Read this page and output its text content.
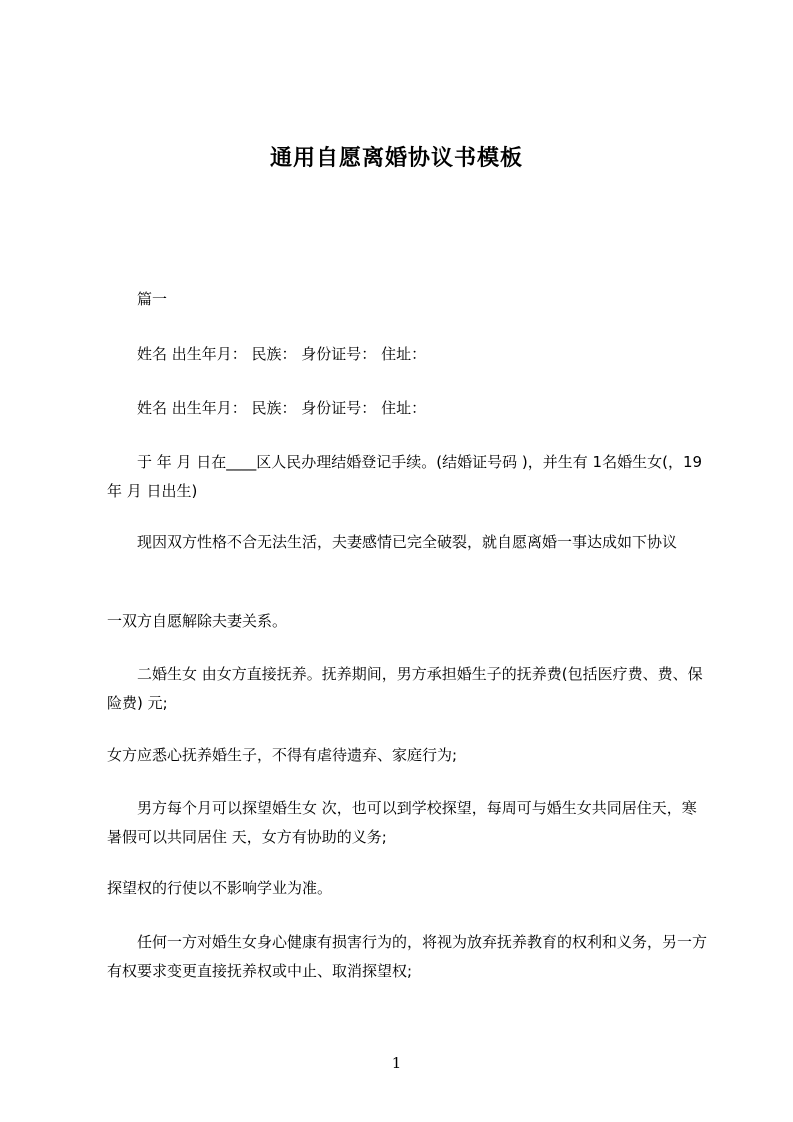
通用自愿离婚协议书模板

篇一

姓名 出生年月： 民族： 身份证号： 住址：

姓名 出生年月： 民族： 身份证号： 住址：

于 年 月 日在____区人民办理结婚登记手续。(结婚证号码 )，并生有 1名婚生女(，19 年 月 日出生)

现因双方性格不合无法生活，夫妻感情已完全破裂，就自愿离婚一事达成如下协议

一双方自愿解除夫妻关系。

二婚生女 由女方直接抚养。抚养期间，男方承担婚生子的抚养费(包括医疗费、费、保险费) 元;

女方应悉心抚养婚生子，不得有虐待遗弃、家庭行为;

男方每个月可以探望婚生女 次，也可以到学校探望，每周可与婚生女共同居住天，寒暑假可以共同居住 天，女方有协助的义务;

探望权的行使以不影响学业为准。

任何一方对婚生女身心健康有损害行为的，将视为放弃抚养教育的权利和义务，另一方有权要求变更直接抚养权或中止、取消探望权;

1
